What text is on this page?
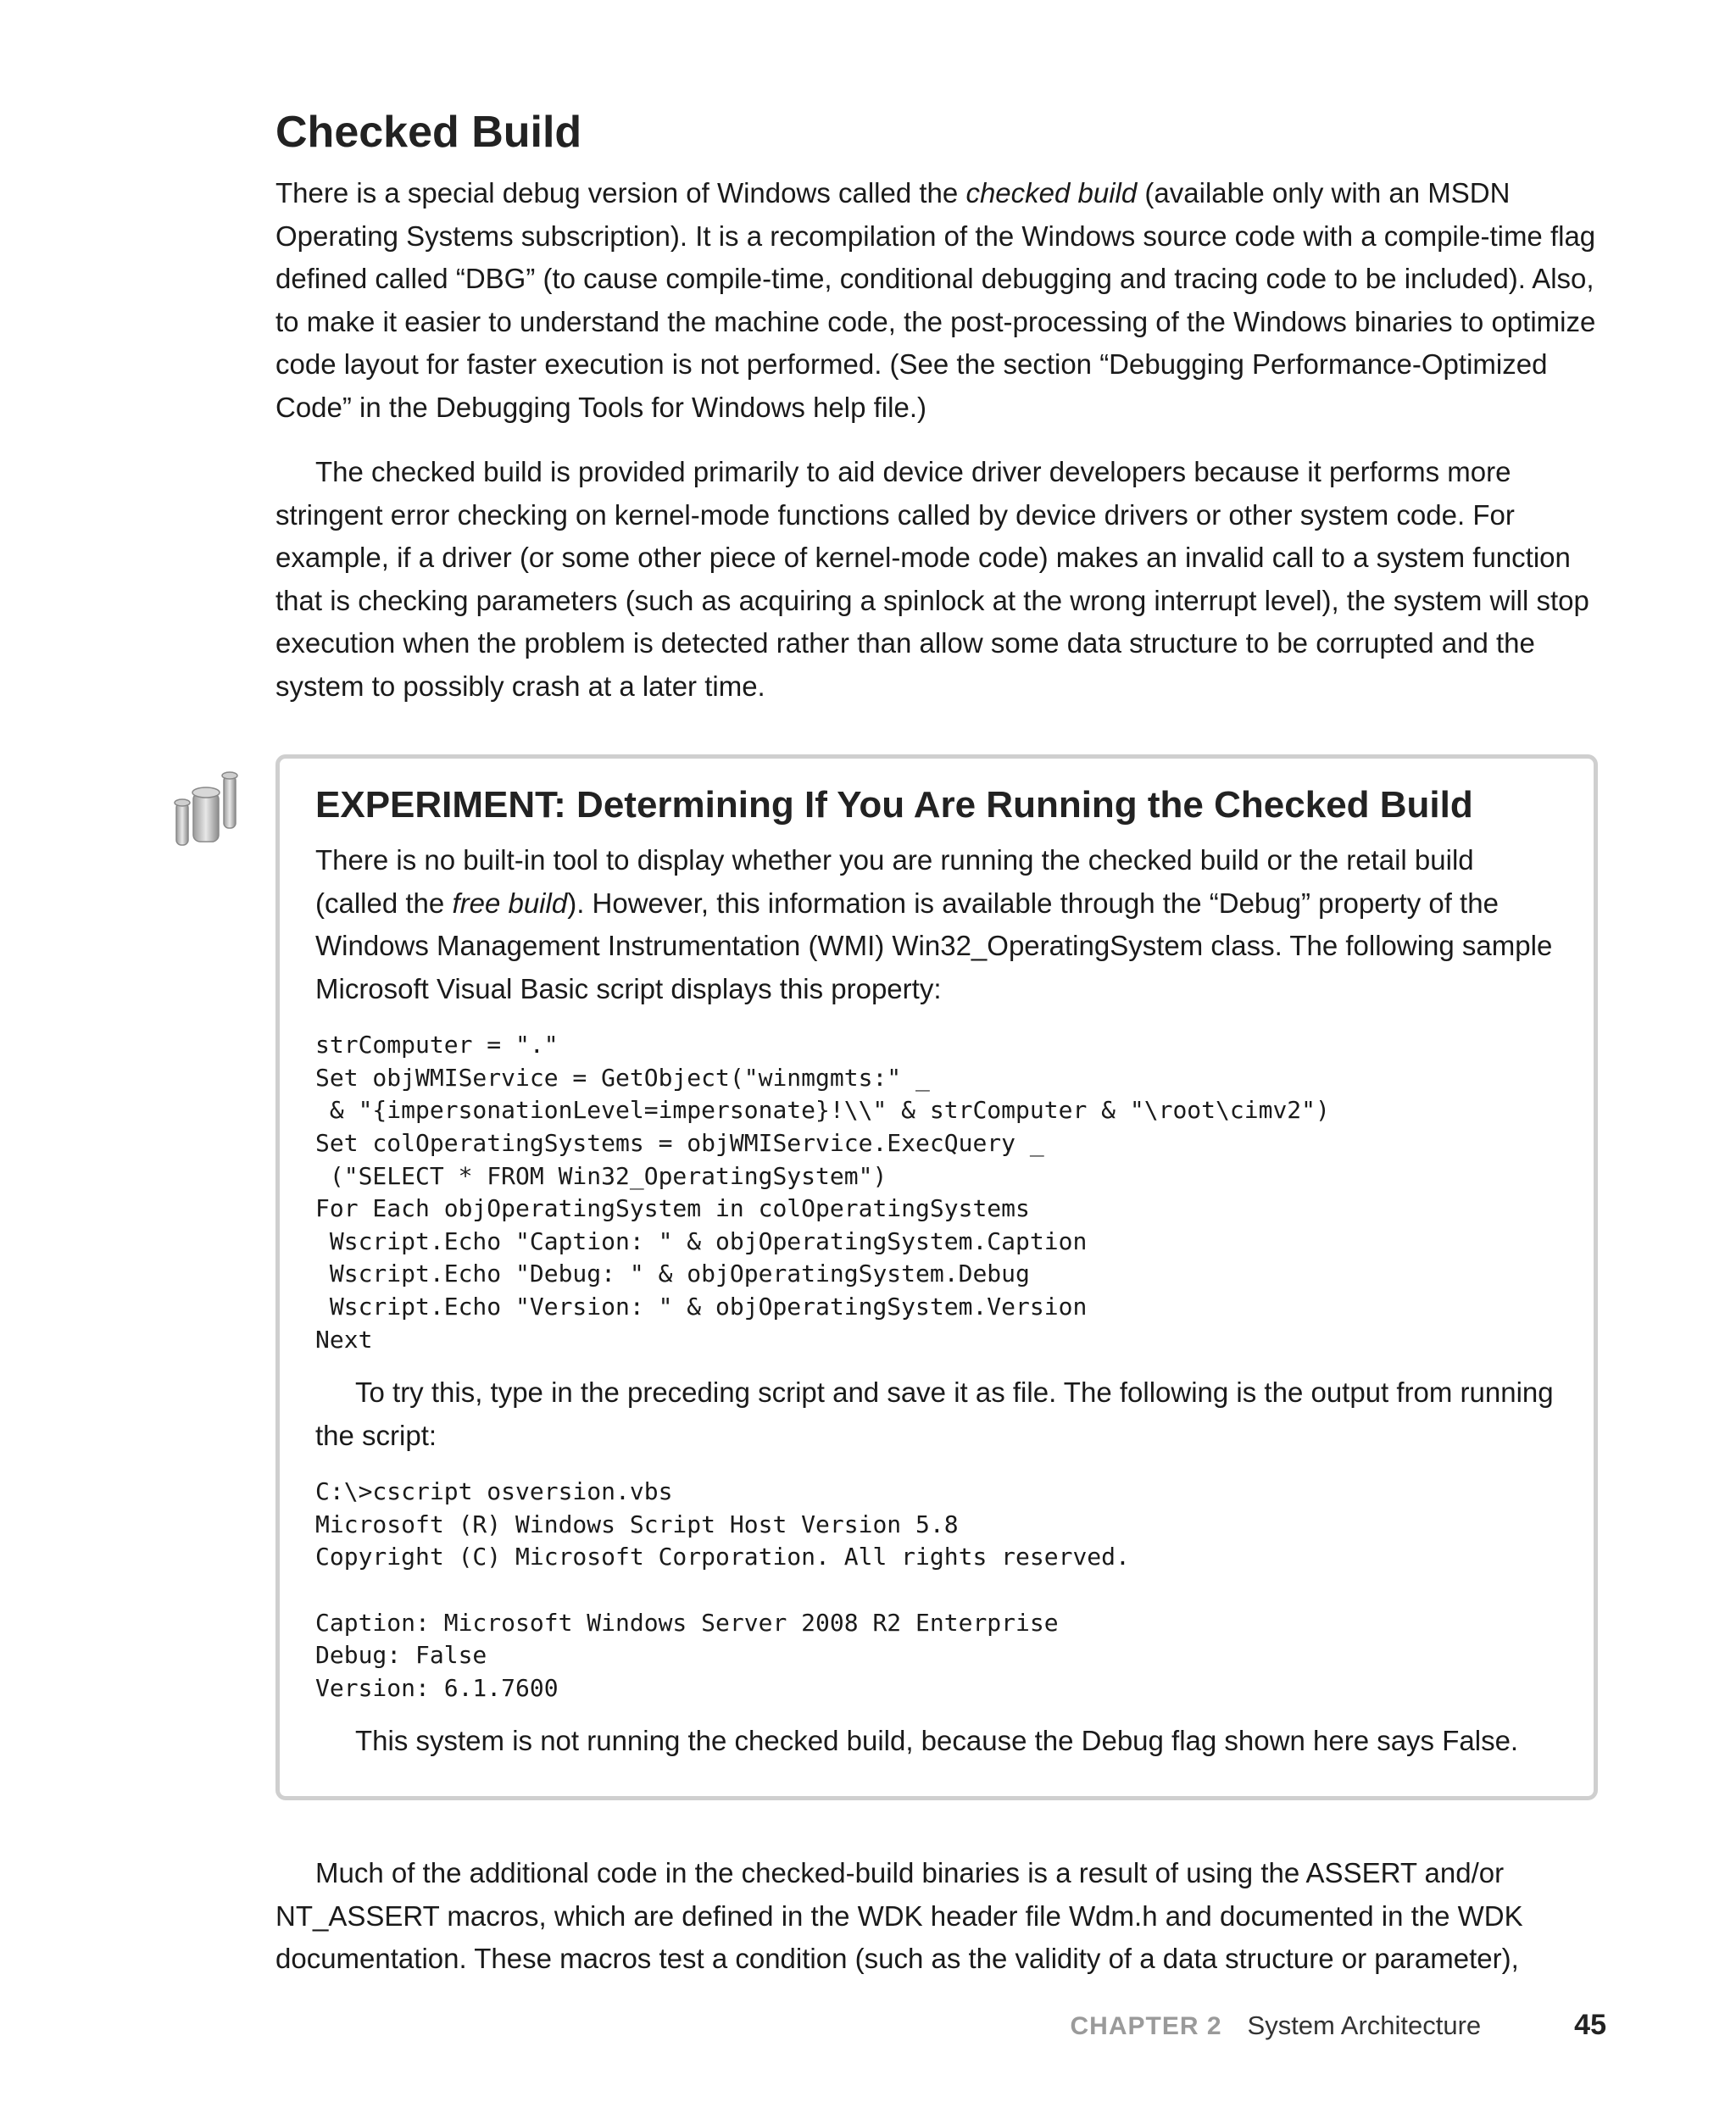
Checked Build

There is a special debug version of Windows called the checked build (available only with an MSDN Operating Systems subscription). It is a recompilation of the Windows source code with a compile-time flag defined called “DBG” (to cause compile-time, conditional debugging and tracing code to be included). Also, to make it easier to understand the machine code, the post-processing of the Windows binaries to optimize code layout for faster execution is not performed. (See the section “Debugging Performance-Optimized Code” in the Debugging Tools for Windows help file.)

The checked build is provided primarily to aid device driver developers because it performs more stringent error checking on kernel-mode functions called by device drivers or other system code. For example, if a driver (or some other piece of kernel-mode code) makes an invalid call to a system function that is checking parameters (such as acquiring a spinlock at the wrong interrupt level), the system will stop execution when the problem is detected rather than allow some data structure to be corrupted and the system to possibly crash at a later time.

EXPERIMENT: Determining If You Are Running the Checked Build

There is no built-in tool to display whether you are running the checked build or the retail build (called the free build). However, this information is available through the “Debug” property of the Windows Management Instrumentation (WMI) Win32_OperatingSystem class. The following sample Microsoft Visual Basic script displays this property:

strComputer = "."
Set objWMIService = GetObject("winmgmts:" _
& "{impersonationLevel=impersonate}!\\" & strComputer & "\root\cimv2")
Set colOperatingSystems = objWMIService.ExecQuery _
("SELECT * FROM Win32_OperatingSystem")
For Each objOperatingSystem in colOperatingSystems
Wscript.Echo "Caption: " & objOperatingSystem.Caption
Wscript.Echo "Debug: " & objOperatingSystem.Debug
Wscript.Echo "Version: " & objOperatingSystem.Version
Next

To try this, type in the preceding script and save it as file. The following is the output from running the script:

C:\>cscript osversion.vbs
Microsoft (R) Windows Script Host Version 5.8
Copyright (C) Microsoft Corporation. All rights reserved.

Caption: Microsoft Windows Server 2008 R2 Enterprise
Debug: False
Version: 6.1.7600

This system is not running the checked build, because the Debug flag shown here says False.

Much of the additional code in the checked-build binaries is a result of using the ASSERT and/or NT_ASSERT macros, which are defined in the WDK header file Wdm.h and documented in the WDK documentation. These macros test a condition (such as the validity of a data structure or parameter),

CHAPTER 2 System Architecture	45
